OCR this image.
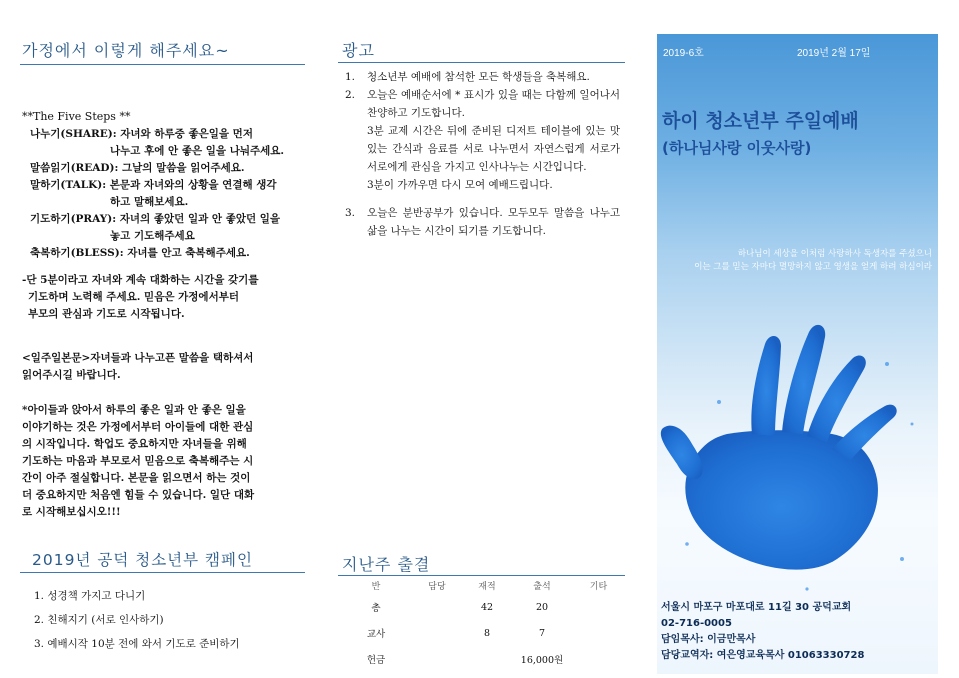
가정에서 이렇게 해주세요~
**The Five Steps **
나누기(SHARE): 자녀와 하루중 좋은일을 먼저
나누고 후에 안 좋은 일을 나눠주세요.
말씀읽기(READ): 그날의 말씀을 읽어주세요.
말하기(TALK): 본문과 자녀와의 상황을 연결해 생각
하고 말해보세요.
기도하기(PRAY): 자녀의 좋았던 일과 안 좋았던 일을
놓고 기도해주세요
축복하기(BLESS): 자녀를 안고 축복해주세요.
-단 5분이라고 자녀와 계속 대화하는 시간을 갖기를
기도하며 노력해 주세요. 믿음은 가정에서부터
부모의 관심과 기도로 시작됩니다.
<일주일본문>자녀들과 나누고픈 말씀을 택하셔서
읽어주시길 바랍니다.
*아이들과 앉아서 하루의 좋은 일과 안 좋은 일을
이야기하는 것은 가정에서부터 아이들에 대한 관심
의 시작입니다. 학업도 중요하지만 자녀들을 위해
기도하는 마음과 부모로서 믿음으로 축복해주는 시
간이 아주 절실합니다. 본문을 읽으면서 하는 것이
더 중요하지만 처음엔 힘들 수 있습니다. 일단 대화
로 시작해보십시오!!!
2019년 공덕 청소년부 캠페인
1. 성경책 가지고 다니기
2. 친해지기 (서로 인사하기)
3. 예배시작 10분 전에 와서 기도로 준비하기
광고
1. 청소년부 예배에 참석한 모든 학생들을 축복해요.
2. 오늘은 예배순서에 * 표시가 있을 때는 다함께 일어나서 찬양하고 기도합니다.
3분 교제 시간은 뒤에 준비된 디저트 테이블에 있는 맛있는 간식과 음료를 서로 나누면서 자연스럽게 서로가 서로에게 관심을 가지고 인사나누는 시간입니다.
3분이 가까우면 다시 모여 예배드립니다.
3. 오늘은 분반공부가 있습니다. 모두모두 말씀을 나누고 삶을 나누는 시간이 되기를 기도합니다.
지난주 출결
반	담당	재적	출석	기타
총		42	20	
교사		8	7	
헌금			16,000원	
2019-6호	2019년 2월 17일
하이 청소년부 주일예배
(하나님사랑 이웃사랑)
하나님이 세상을 이처럼 사랑하사 독생자를 주셨으니
이는 그를 믿는 자마다 멸망하지 않고 영생을 얻게 하려 하심이라
서울시 마포구 마포대로 11길 30 공덕교회
02-716-0005
담임목사: 이금만목사
담당교역자: 여은영교육목사 01063330728
